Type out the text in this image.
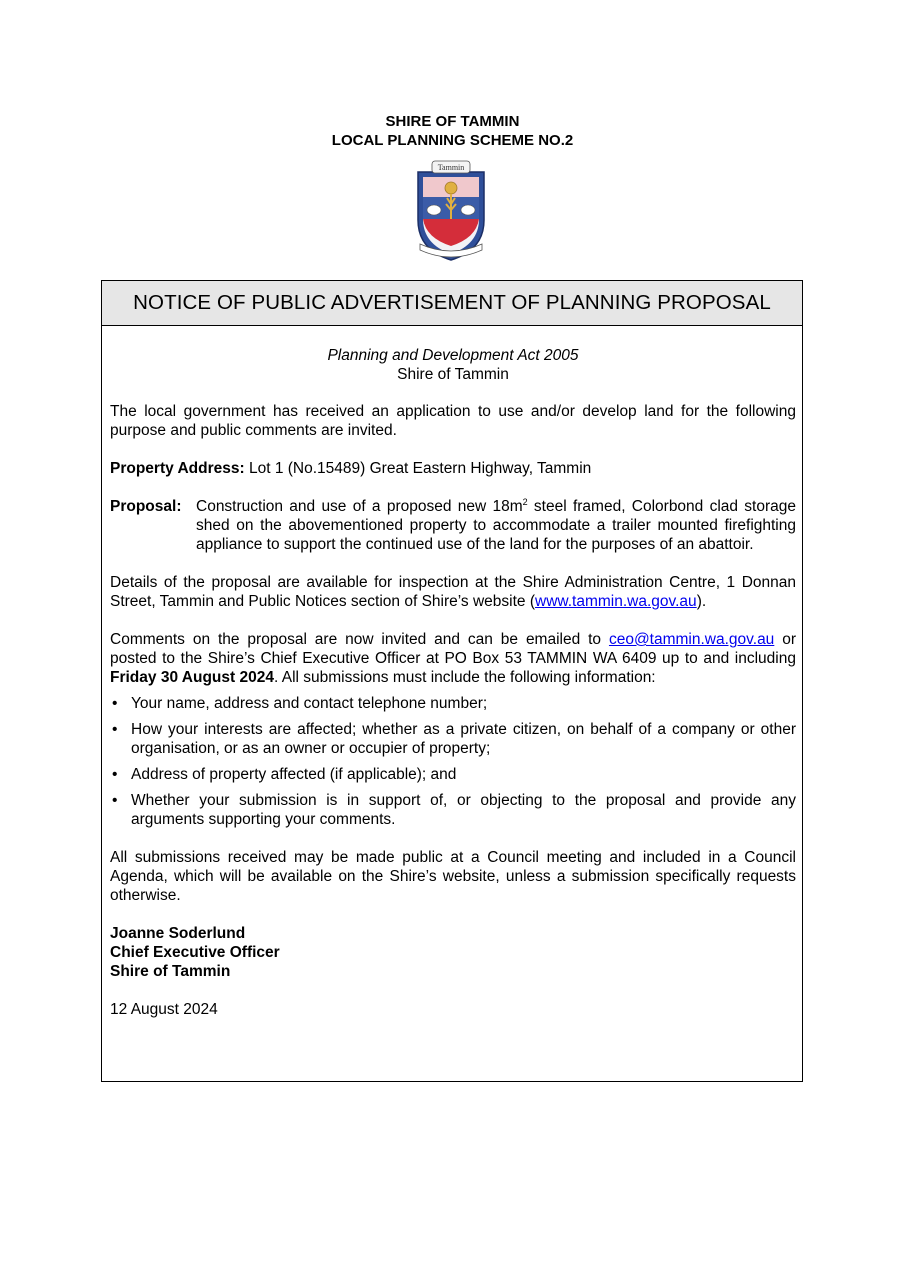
SHIRE OF TAMMIN
LOCAL PLANNING SCHEME NO.2
Tammin
NOTICE OF PUBLIC ADVERTISEMENT OF PLANNING PROPOSAL

Planning and Development Act 2005

Shire of Tammin

The local government has received an application to use and/or develop land for the following purpose and public comments are invited.

Property Address: Lot 1 (No.15489) Great Eastern Highway, Tammin

Proposal: Construction and use of a proposed new $18m^2$ steel framed, Colorbond clad storage shed on the abovementioned property to accommodate a trailer mounted firefighting appliance to support the continued use of the land for the purposes of an abattoir.

Details of the proposal are available for inspection at the Shire Administration Centre, 1 Donnan Street, Tammin and Public Notices section of Shire’s website (www.tammin.wa.gov.au).

Comments on the proposal are now invited and can be emailed to ceo@tammin.wa.gov.au or posted to the Shire’s Chief Executive Officer at PO Box 53 TAMMIN WA 6409 up to and including Friday 30 August 2024. All submissions must include the following information:

• Your name, address and contact telephone number;
• How your interests are affected; whether as a private citizen, on behalf of a company or other organisation, or as an owner or occupier of property;
• Address of property affected (if applicable); and
• Whether your submission is in support of, or objecting to the proposal and provide any arguments supporting your comments.

All submissions received may be made public at a Council meeting and included in a Council Agenda, which will be available on the Shire’s website, unless a submission specifically requests otherwise.

Joanne Soderlund

Chief Executive Officer

Shire of Tammin

12 August 2024
